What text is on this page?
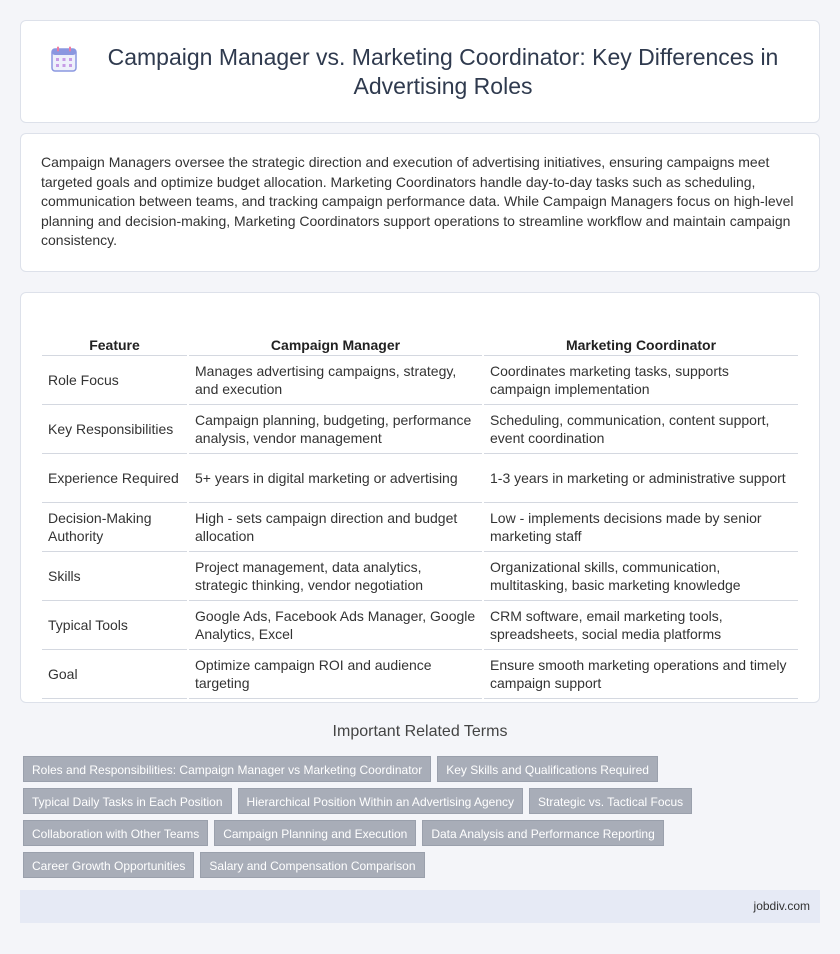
Campaign Manager vs. Marketing Coordinator: Key Differences in Advertising Roles

Campaign Managers oversee the strategic direction and execution of advertising initiatives, ensuring campaigns meet targeted goals and optimize budget allocation. Marketing Coordinators handle day-to-day tasks such as scheduling, communication between teams, and tracking campaign performance data. While Campaign Managers focus on high-level planning and decision-making, Marketing Coordinators support operations to streamline workflow and maintain campaign consistency.

Feature	Campaign Manager	Marketing Coordinator
Role Focus	Manages advertising campaigns, strategy, and execution	Coordinates marketing tasks, supports campaign implementation
Key Responsibilities	Campaign planning, budgeting, performance analysis, vendor management	Scheduling, communication, content support, event coordination
Experience Required	5+ years in digital marketing or advertising	1-3 years in marketing or administrative support
Decision-Making Authority	High - sets campaign direction and budget allocation	Low - implements decisions made by senior marketing staff
Skills	Project management, data analytics, strategic thinking, vendor negotiation	Organizational skills, communication, multitasking, basic marketing knowledge
Typical Tools	Google Ads, Facebook Ads Manager, Google Analytics, Excel	CRM software, email marketing tools, spreadsheets, social media platforms
Goal	Optimize campaign ROI and audience targeting	Ensure smooth marketing operations and timely campaign support
Important Related Terms
Roles and Responsibilities: Campaign Manager vs Marketing Coordinator	Key Skills and Qualifications Required
Typical Daily Tasks in Each Position	Hierarchical Position Within an Advertising Agency	Strategic vs. Tactical Focus
Collaboration with Other Teams	Campaign Planning and Execution	Data Analysis and Performance Reporting
Career Growth Opportunities	Salary and Compensation Comparison
jobdiv.com
